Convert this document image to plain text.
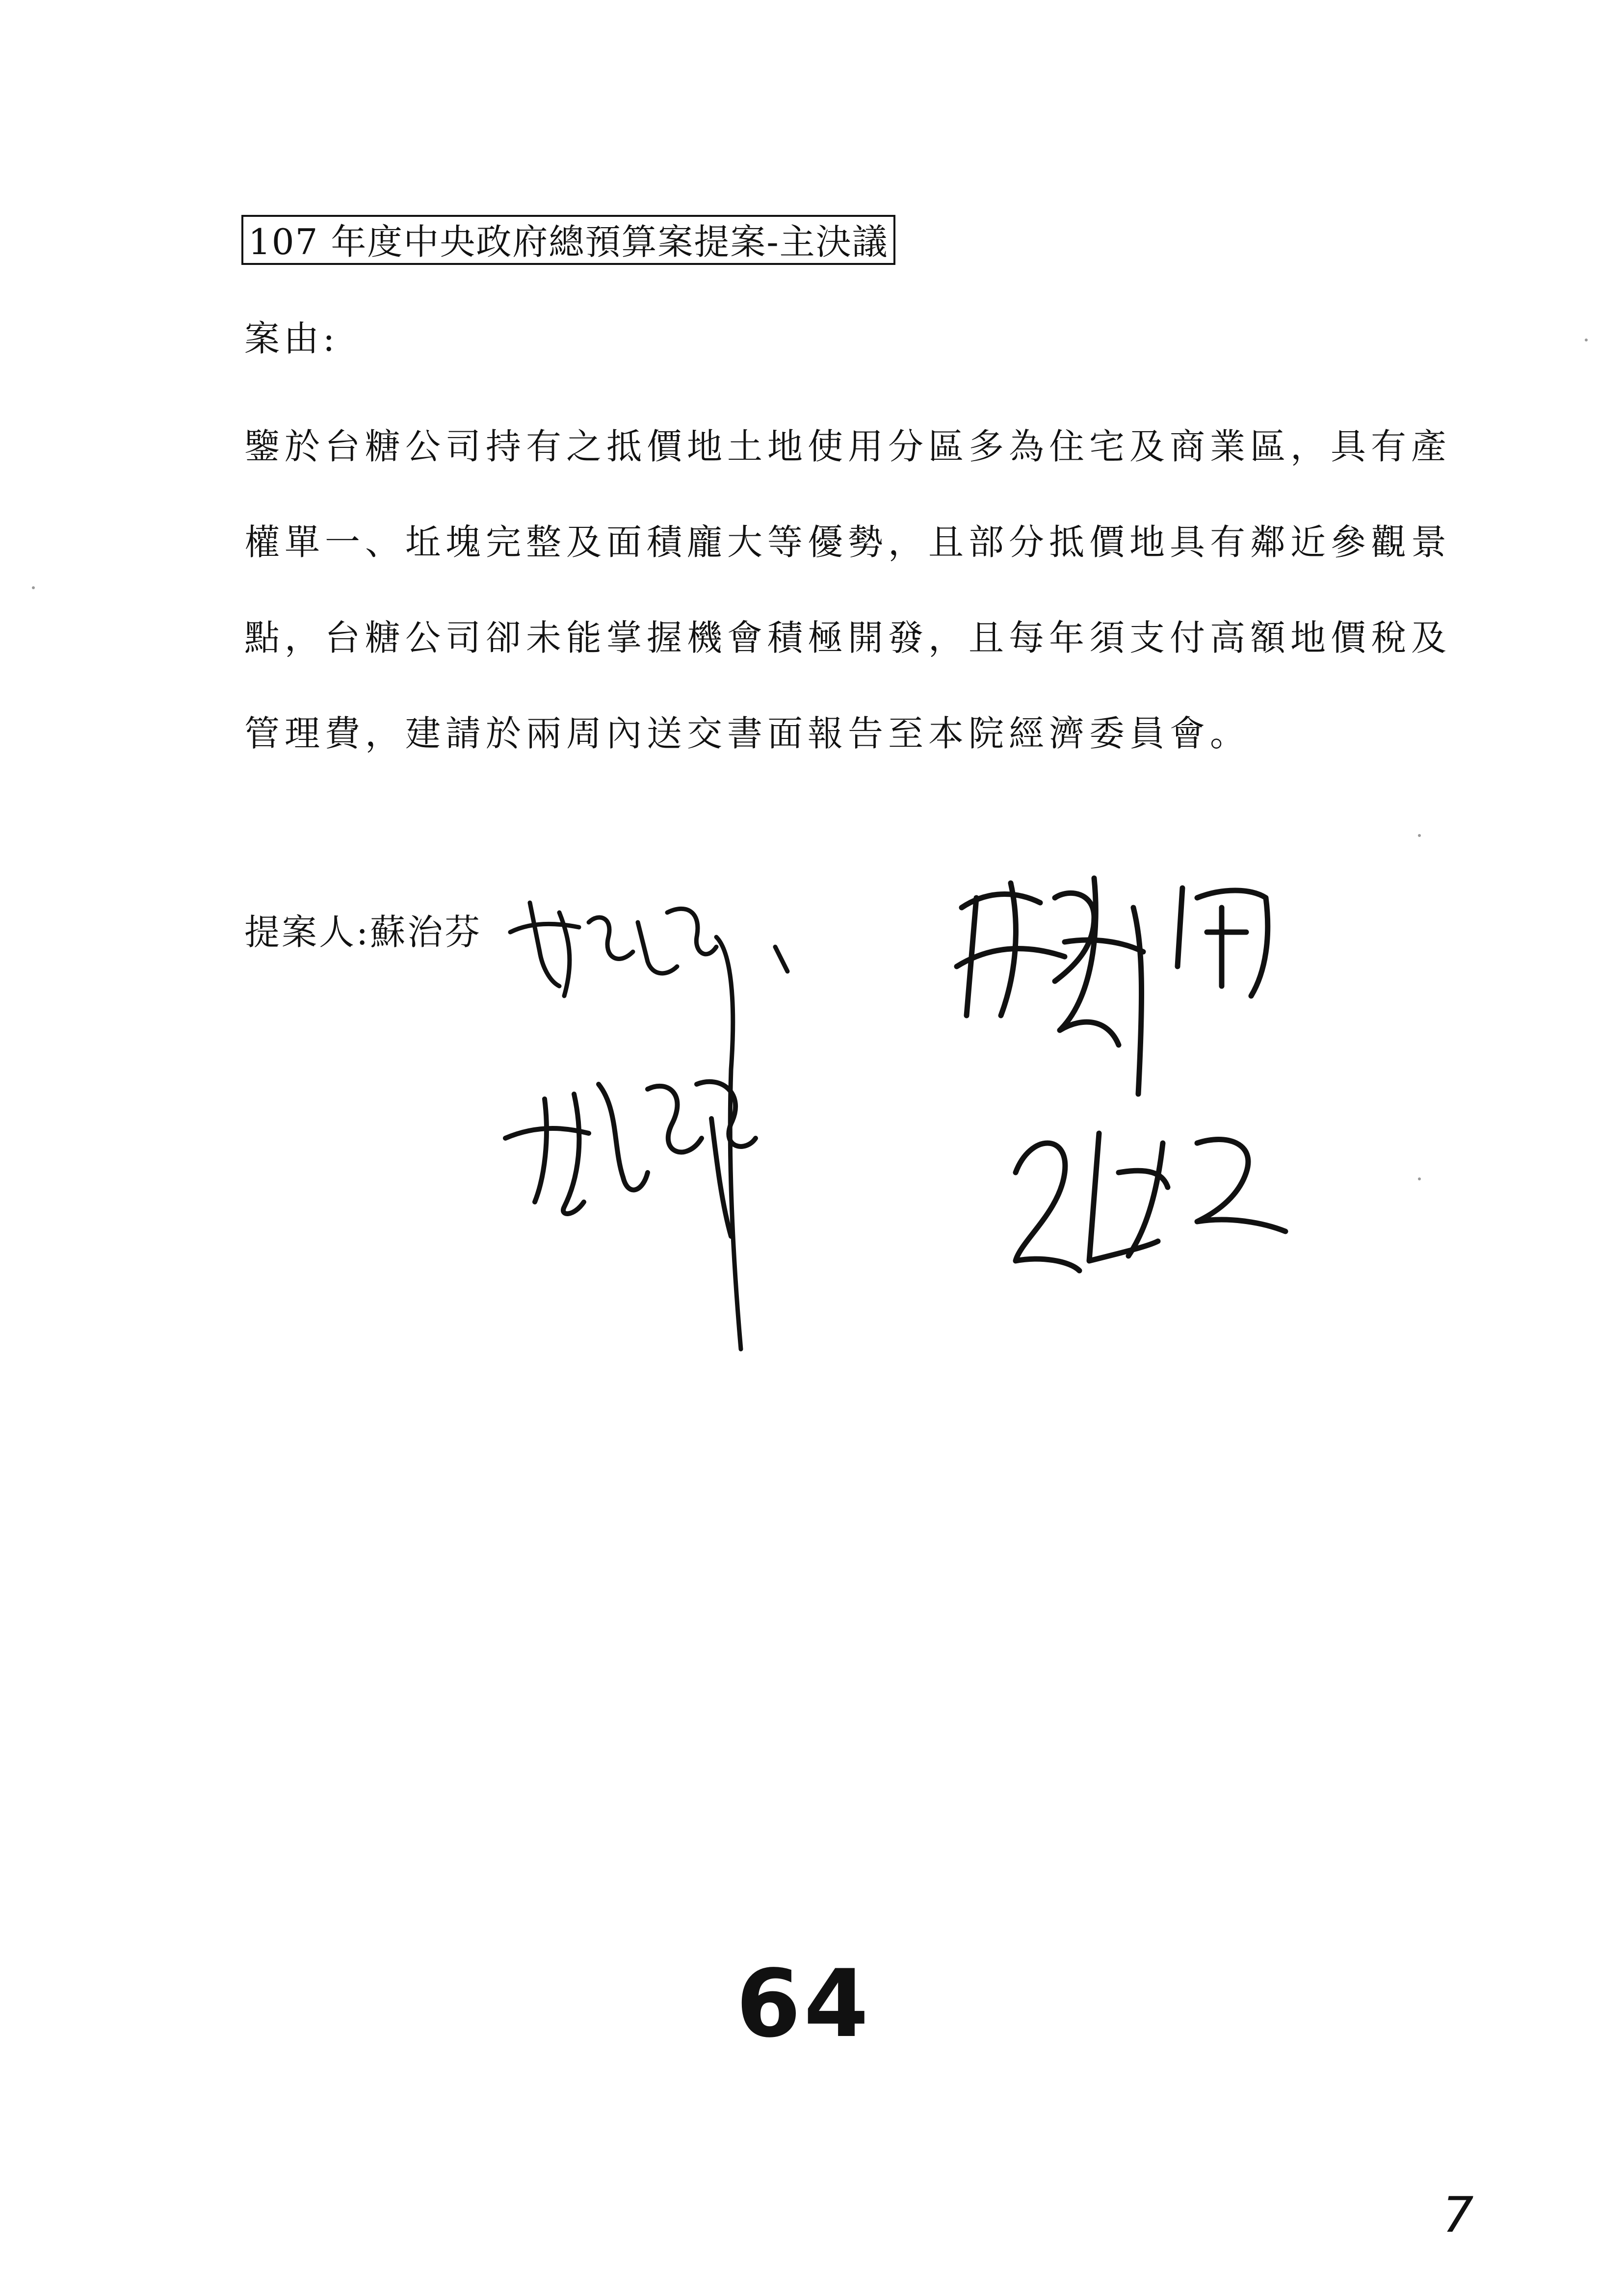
107 年度中央政府總預算案提案-主決議
案由:
鑒於台糖公司持有之抵價地土地使用分區多為住宅及商業區，具有產
權單一、坵塊完整及面積龐大等優勢，且部分抵價地具有鄰近參觀景
點，台糖公司卻未能掌握機會積極開發，且每年須支付高額地價稅及
管理費，建請於兩周內送交書面報告至本院經濟委員會。
提案人:蘇治芬
64
7
